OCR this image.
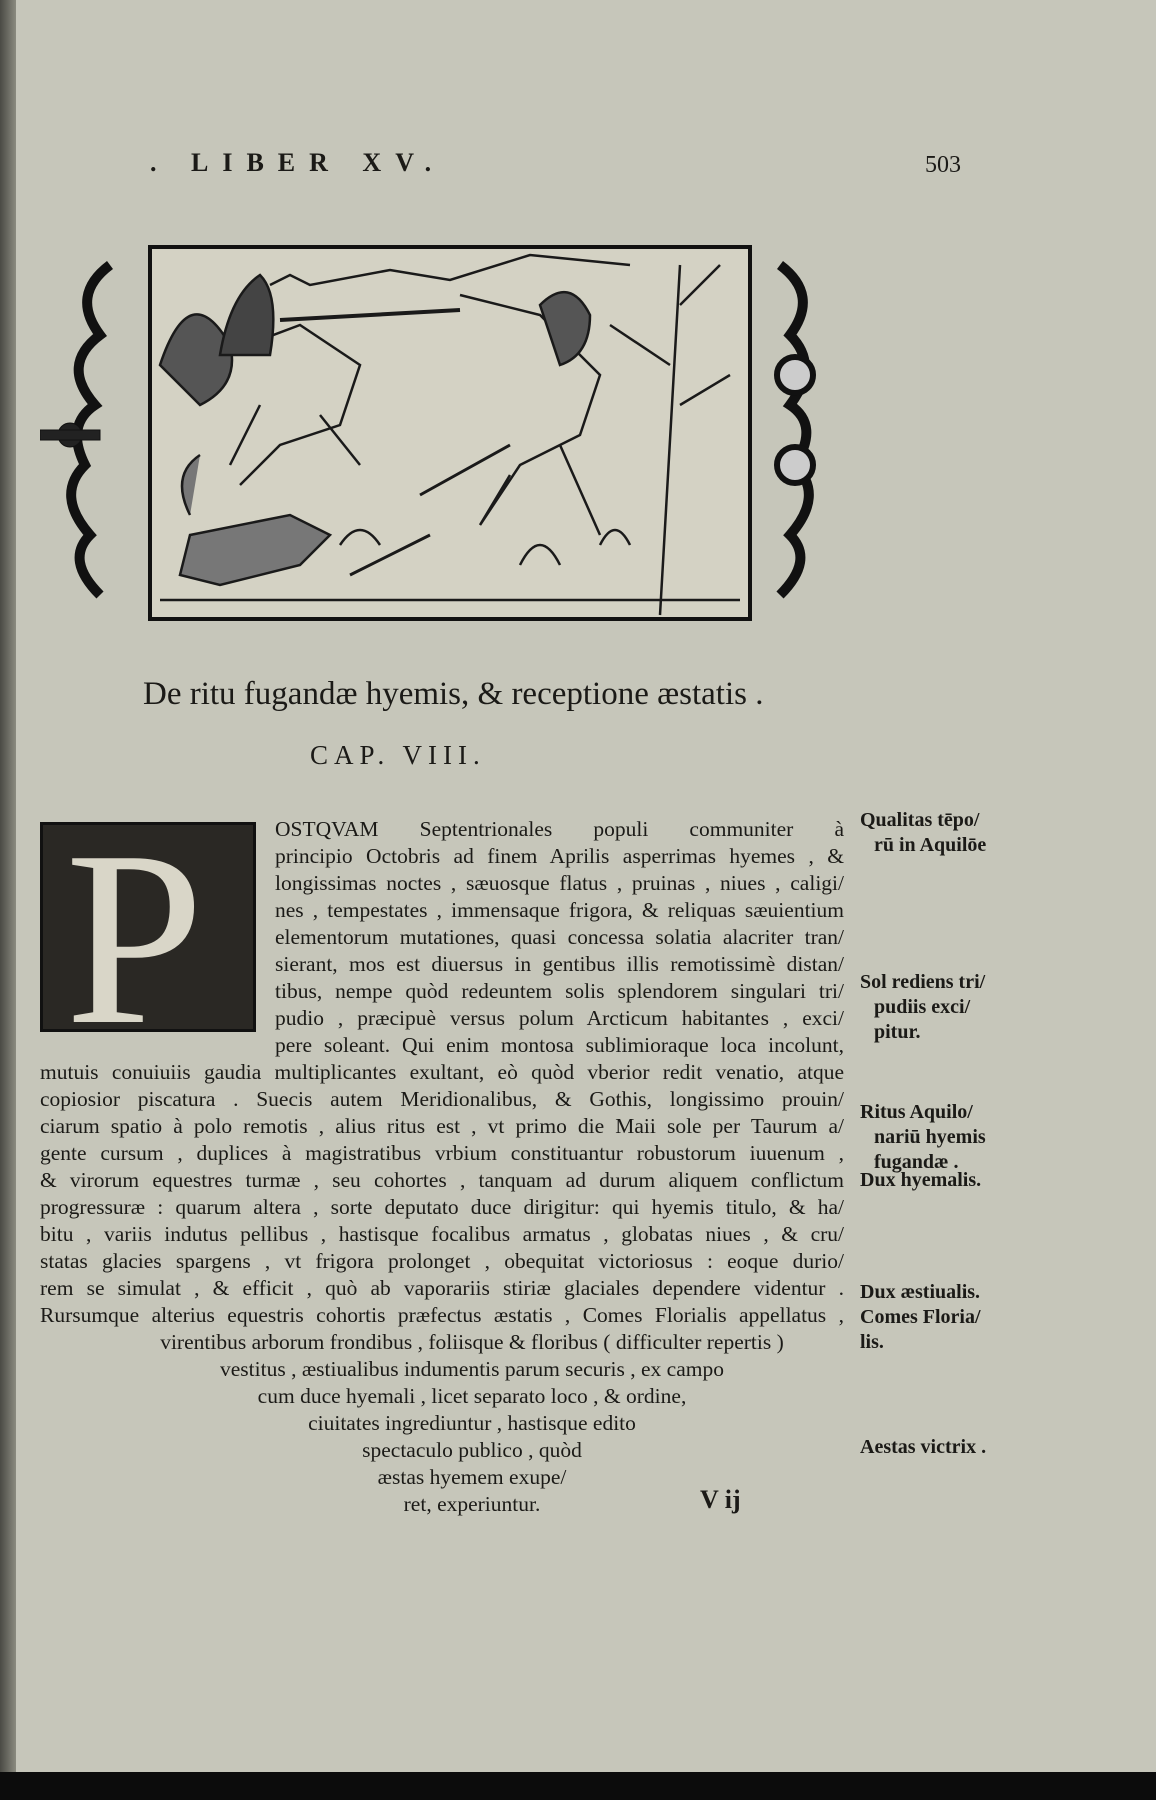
. LIBER XV.	503
De ritu fugandæ hyemis, & receptione æstatis .
CAP. VIII.
P	OSTQVAM Septentrionales populi communiter à
principio Octobris ad finem Aprilis asperrimas hyemes , &
longissimas noctes , sæuosque flatus , pruinas , niues , caligi/
nes , tempestates , immensaque frigora, & reliquas sæuientium
elementorum mutationes, quasi concessa solatia alacriter tran/
sierant, mos est diuersus in gentibus illis remotissimè distan/
tibus, nempe quòd redeuntem solis splendorem singulari tri/
pudio , præcipuè versus polum Arcticum habitantes , exci/
pere soleant. Qui enim montosa sublimioraque loca incolunt,
mutuis conuiuiis gaudia multiplicantes exultant, eò quòd vberior redit venatio, atque
copiosior piscatura . Suecis autem Meridionalibus, & Gothis, longissimo prouin/
ciarum spatio à polo remotis , alius ritus est , vt primo die Maii sole per Taurum a/
gente cursum , duplices à magistratibus vrbium constituantur robustorum iuuenum ,
& virorum equestres turmæ , seu cohortes , tanquam ad durum aliquem conflictum
progressuræ : quarum altera , sorte deputato duce dirigitur: qui hyemis titulo, & ha/
bitu , variis indutus pellibus , hastisque focalibus armatus , globatas niues , & cru/
statas glacies spargens , vt frigora prolonget , obequitat victoriosus : eoque durio/
rem se simulat , & efficit , quò ab vaporariis stiriæ glaciales dependere videntur .
Rursumque alterius equestris cohortis præfectus æstatis , Comes Florialis appellatus ,
virentibus arborum frondibus , foliisque & floribus ( difficulter repertis )
vestitus , æstiualibus indumentis parum securis , ex campo
cum duce hyemali , licet separato loco , & ordine,
ciuitates ingrediuntur , hastisque edito
spectaculo publico , quòd
æstas hyemem exupe/
ret, experiuntur.	V ij
Qualitas tēpo/
rū in Aquilōe
Sol rediens tri/
pudiis exci/
pitur.
Ritus Aquilo/
nariū hyemis
fugandæ .
Dux hyemalis.
Dux æstiualis.
Comes Floria/
lis.
Aestas victrix .
